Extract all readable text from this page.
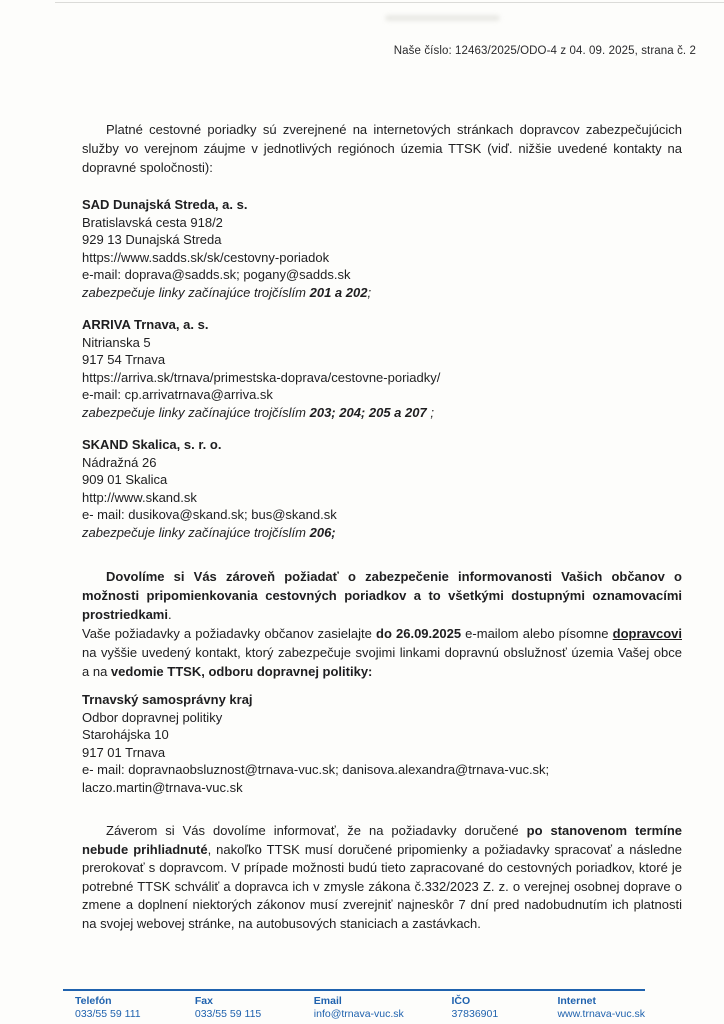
Naše číslo: 12463/2025/ODO-4 z 04. 09. 2025, strana č. 2

Platné cestovné poriadky sú zverejnené na internetových stránkach dopravcov zabezpečujúcich služby vo verejnom záujme v jednotlivých regiónoch územia TTSK (viď. nižšie uvedené kontakty na dopravné spoločnosti):

SAD Dunajská Streda, a. s.
Bratislavská cesta 918/2
929 13 Dunajská Streda
https://www.sadds.sk/sk/cestovny-poriadok
e-mail: doprava@sadds.sk; pogany@sadds.sk
zabezpečuje linky začínajúce trojčíslím 201 a 202;
ARRIVA Trnava, a. s.
Nitrianska 5
917 54 Trnava
https://arriva.sk/trnava/primestska-doprava/cestovne-poriadky/
e-mail: cp.arrivatrnava@arriva.sk
zabezpečuje linky začínajúce trojčíslím 203; 204; 205 a 207 ;
SKAND Skalica, s. r. o.
Nádražná 26
909 01 Skalica
http://www.skand.sk
e- mail: dusikova@skand.sk; bus@skand.sk
zabezpečuje linky začínajúce trojčíslím 206;

Dovolíme si Vás zároveň požiadať o zabezpečenie informovanosti Vašich občanov o možnosti pripomienkovania cestovných poriadkov a to všetkými dostupnými oznamovacími prostriedkami.

Vaše požiadavky a požiadavky občanov zasielajte do 26.09.2025 e-mailom alebo písomne dopravcovi na vyššie uvedený kontakt, ktorý zabezpečuje svojimi linkami dopravnú obslužnosť územia Vašej obce a na vedomie TTSK, odboru dopravnej politiky:

Trnavský samosprávny kraj
Odbor dopravnej politiky
Starohájska 10
917 01 Trnava
e- mail: dopravnaobsluznost@trnava-vuc.sk; danisova.alexandra@trnava-vuc.sk;
laczo.martin@trnava-vuc.sk

Záverom si Vás dovolíme informovať, že na požiadavky doručené po stanovenom termíne nebude prihliadnuté, nakoľko TTSK musí doručené pripomienky a požiadavky spracovať a následne prerokovať s dopravcom. V prípade možnosti budú tieto zapracované do cestovných poriadkov, ktoré je potrebné TTSK schváliť a dopravca ich v zmysle zákona č.332/2023 Z. z. o verejnej osobnej doprave o zmene a doplnení niektorých zákonov musí zverejniť najneskôr 7 dní pred nadobudnutím ich platnosti na svojej webovej stránke, na autobusových staniciach a zastávkach.

Telefón
033/55 59 111
Fax
033/55 59 115
Email
info@trnava-vuc.sk
IČO
37836901
Internet
www.trnava-vuc.sk
